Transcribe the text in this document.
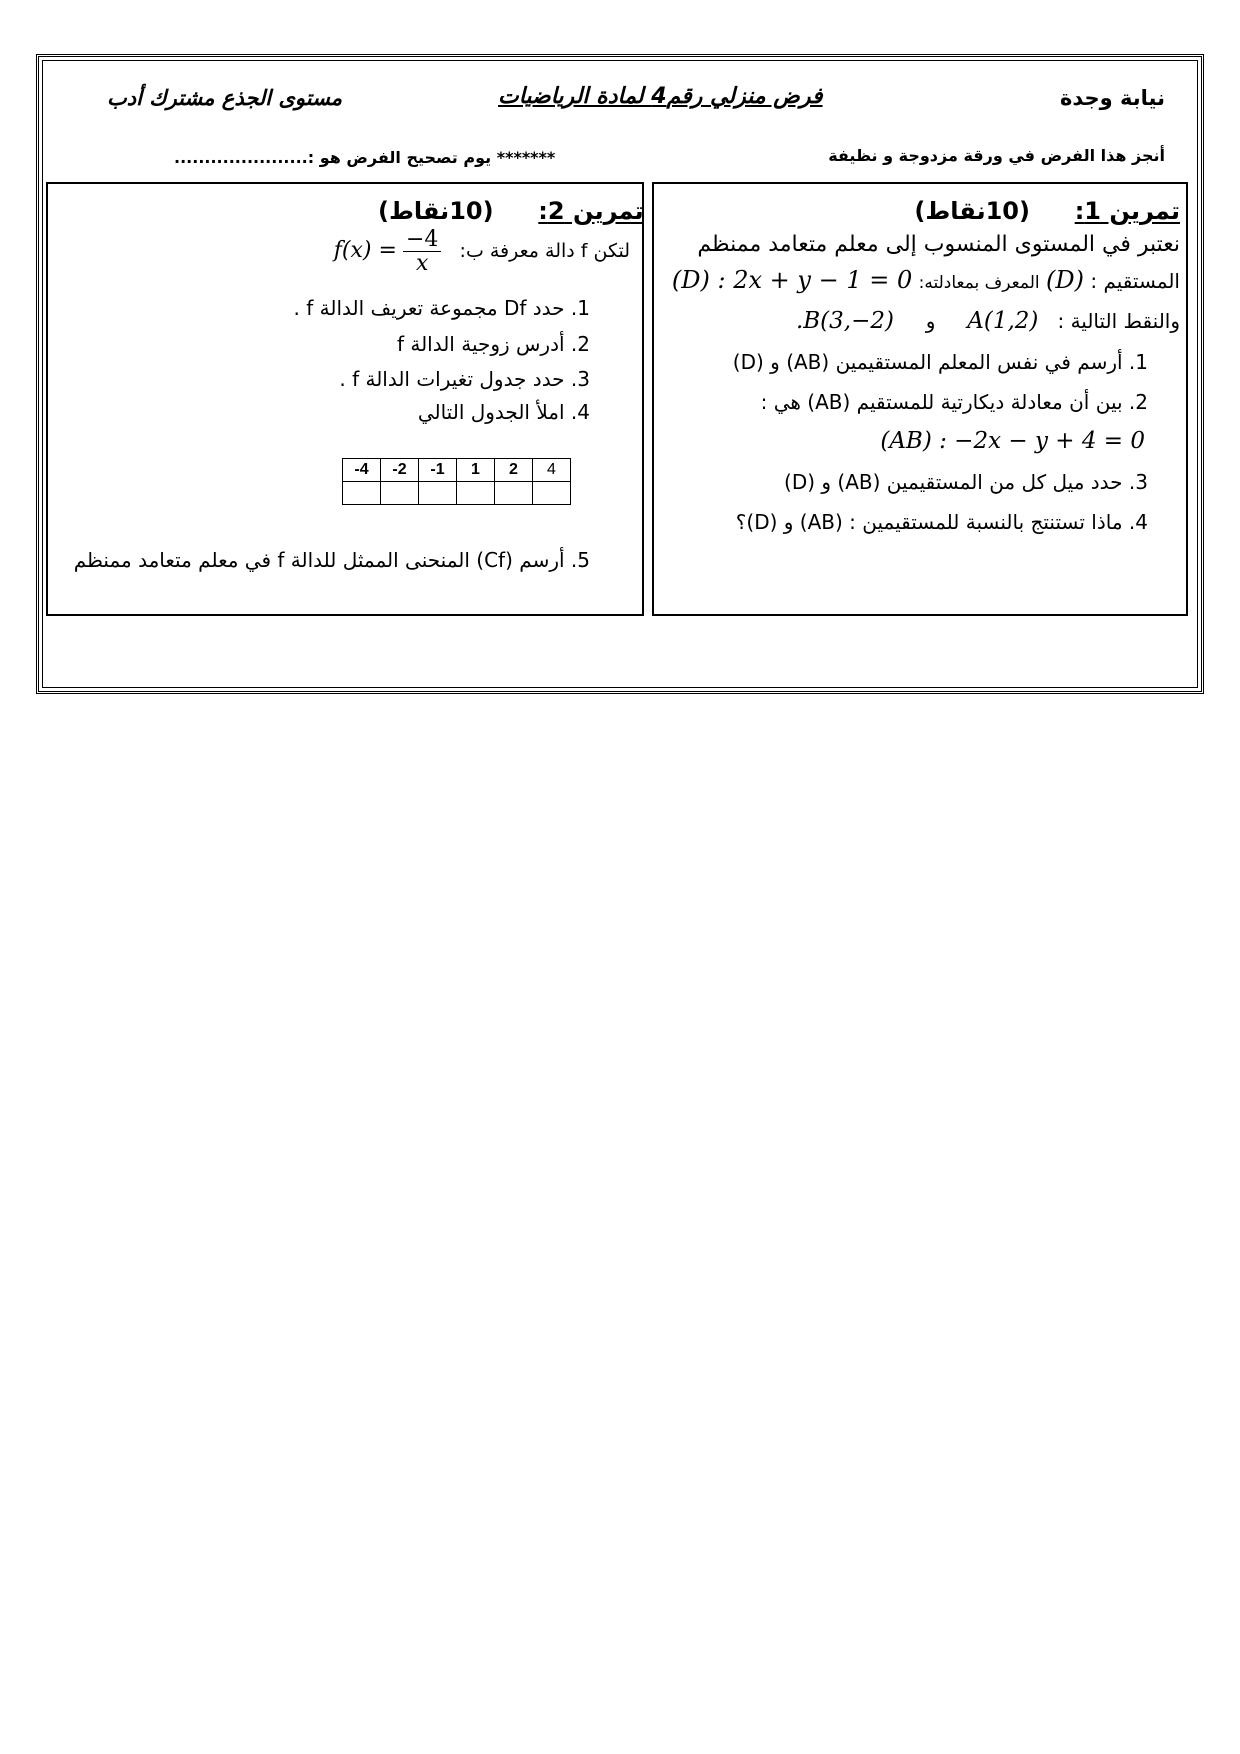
نيابة وجدة
فرض منزلي رقم4 لمادة الرياضيات
مستوى الجذع مشترك أدب
أنجز هذا الفرض في ورقة مزدوجة و نظيفة
******* يوم تصحيح الفرض هو :......................
تمرين 1:  (10نقاط)
نعتبر في المستوى المنسوب إلى معلم متعامد ممنظم
المستقيم : (D) المعرف بمعادلته: (D) : 2x + y − 1 = 0
والنقط التالية :   A(1,2)     و     .B(3,−2)
1. أرسم في نفس المعلم المستقيمين (AB) و (D)
2. بين أن معادلة ديكارتية للمستقيم (AB) هي :
(AB) : −2x − y + 4 = 0
3. حدد ميل كل من المستقيمين (AB) و (D)
4. ماذا تستنتج بالنسبة للمستقيمين : (AB) و (D)؟
تمرين 2:  (10نقاط)
لتكن f دالة معرفة ب:   $f(x) = \frac{-4}{x}$
1. حدد Df مجموعة تعريف الدالة f .
2. أدرس زوجية الدالة f
3. حدد جدول تغيرات الدالة f .
4. املأ الجدول التالي
-4	-2	-1	1	2	4

5. أرسم (Cf) المنحنى الممثل للدالة f في معلم متعامد ممنظم
